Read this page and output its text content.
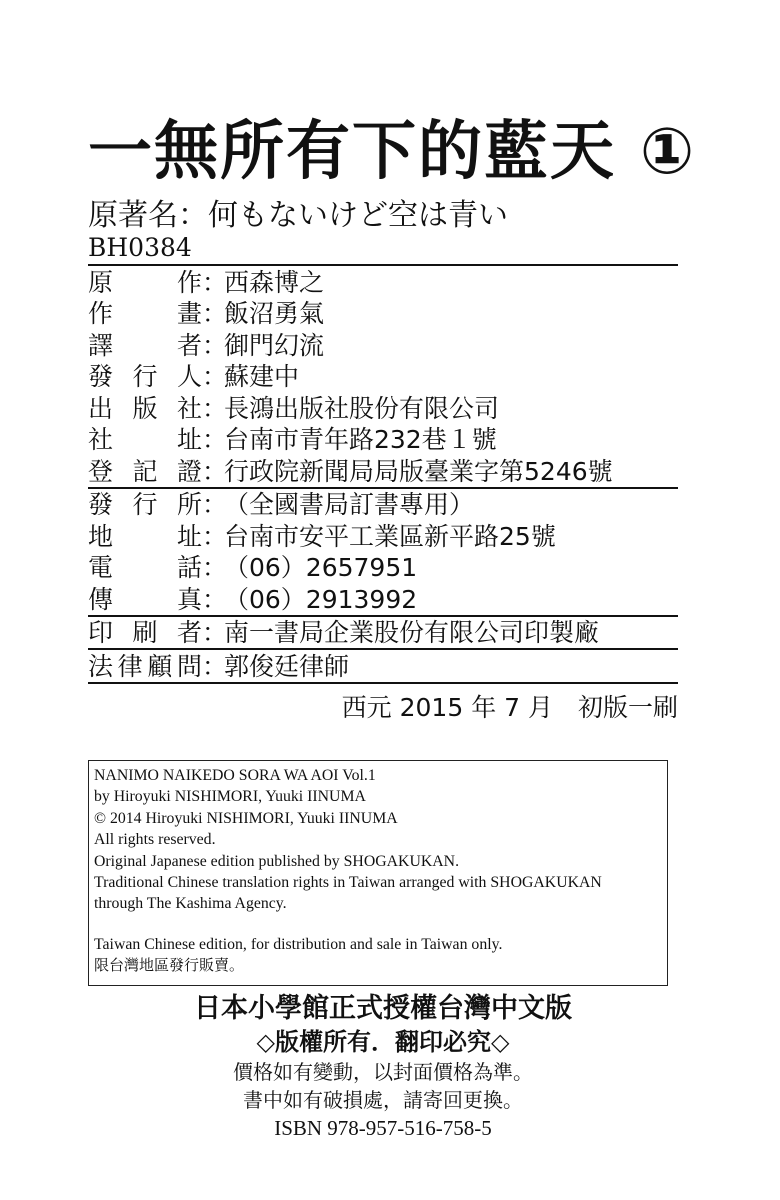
一無所有下的藍天 ①
原著名：何もないけど空は青い
BH0384
原	作 ：
西森博之
作	畫 ：
飯沼勇氣
譯	者 ：
御門幻流
發 行 人 ：
蘇建中
出 版 社 ：
長鴻出版社股份有限公司
社	址 ：
台南市青年路232巷１號
登 記 證 ：
行政院新聞局局版臺業字第5246號
發 行 所 ：
（全國書局訂書專用）
地	址 ：
台南市安平工業區新平路25號
電	話 ：
（06）2657951
傳	真 ：
（06）2913992
印 刷 者 ：
南一書局企業股份有限公司印製廠
法 律 顧 問 ：
郭俊廷律師
西元 2015 年 7 月　初版一刷
NANIMO NAIKEDO SORA WA AOI Vol.1
by Hiroyuki NISHIMORI, Yuuki IINUMA
© 2014 Hiroyuki NISHIMORI, Yuuki IINUMA
All rights reserved.
Original Japanese edition published by SHOGAKUKAN.
Traditional Chinese translation rights in Taiwan arranged with SHOGAKUKAN
through The Kashima Agency.
Taiwan Chinese edition, for distribution and sale in Taiwan only.
限台灣地區發行販賣。
日本小學館正式授權台灣中文版
◇版權所有．翻印必究◇
價格如有變動，以封面價格為準。
書中如有破損處，請寄回更換。
ISBN 978-957-516-758-5
